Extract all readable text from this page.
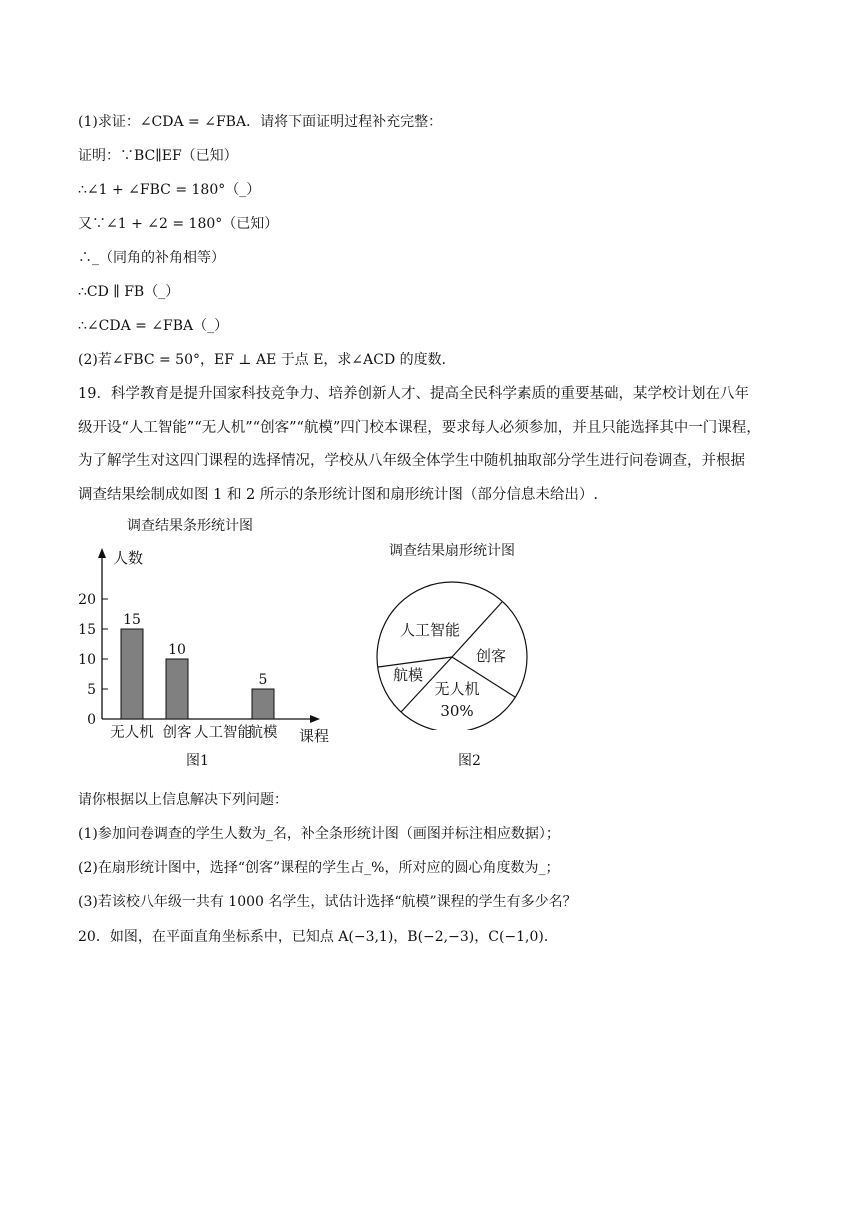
(1)求证：∠CDA = ∠FBA．请将下面证明过程补充完整：
证明：∵BC∥EF（已知）
∴∠1 + ∠FBC = 180°（_）
又∵∠1 + ∠2 = 180°（已知）
∴_（同角的补角相等）
∴CD ∥ FB（_）
∴∠CDA = ∠FBA（_）
(2)若∠FBC = 50°，EF ⊥ AE 于点 E，求∠ACD 的度数．
19．科学教育是提升国家科技竞争力、培养创新人才、提高全民科学素质的重要基础，某学校计划在八年
级开设“人工智能”“无人机”“创客”“航模”四门校本课程，要求每人必须参加，并且只能选择其中一门课程，
为了解学生对这四门课程的选择情况，学校从八年级全体学生中随机抽取部分学生进行问卷调查，并根据
调查结果绘制成如图 1 和 2 所示的条形统计图和扇形统计图（部分信息未给出）.
调查结果条形统计图
人数
课程
0
5
10
15
20
15
10
5
无人机 创客 人工智能
航模
图1
调查结果扇形统计图
人工智能
创客
无人机
30%
航模
图2
请你根据以上信息解决下列问题：
(1)参加问卷调查的学生人数为_名，补全条形统计图（画图并标注相应数据）；
(2)在扇形统计图中，选择“创客”课程的学生占_%，所对应的圆心角度数为_；
(3)若该校八年级一共有 1000 名学生，试估计选择“航模”课程的学生有多少名？
20．如图，在平面直角坐标系中，已知点 A(−3,1)，B(−2,−3)，C(−1,0)．
